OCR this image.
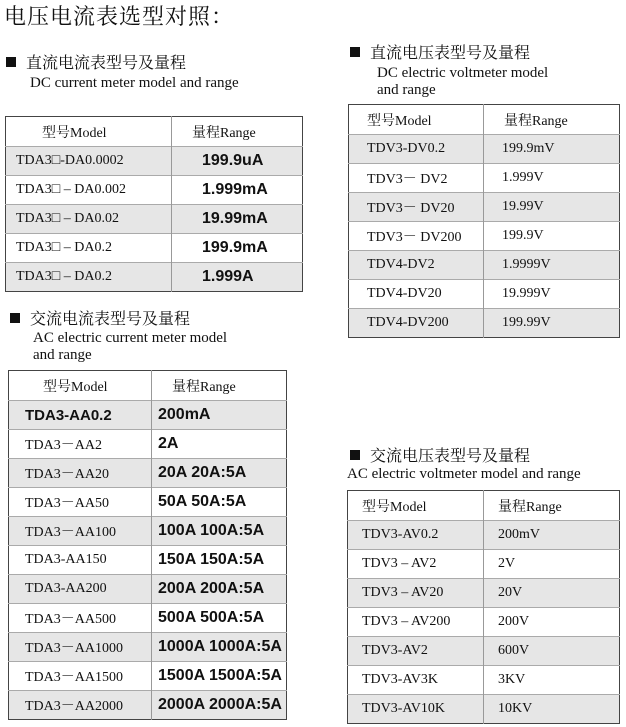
电压电流表选型对照：
直流电流表型号及量程
DC current meter model and range
型号Model	量程Range
TDA3□-DA0.0002	199.9uA
TDA3□ – DA0.002	1.999mA
TDA3□ – DA0.02	19.99mA
TDA3□ – DA0.2	199.9mA
TDA3□ – DA0.2	1.999A
交流电流表型号及量程
AC electric current meter model
and range
型号Model	量程Range
TDA3-AA0.2	200mA
TDA3－AA2	2A
TDA3－AA20	20A 20A:5A
TDA3－AA50	50A 50A:5A
TDA3－AA100	100A 100A:5A
TDA3-AA150	150A 150A:5A
TDA3-AA200	200A 200A:5A
TDA3－AA500	500A 500A:5A
TDA3－AA1000	1000A 1000A:5A
TDA3－AA1500	1500A 1500A:5A
TDA3－AA2000	2000A 2000A:5A
直流电压表型号及量程
DC electric voltmeter model
and range
型号Model	量程Range
TDV3-DV0.2	199.9mV
TDV3－ DV2	1.999V
TDV3－ DV20	19.99V
TDV3－ DV200	199.9V
TDV4-DV2	1.9999V
TDV4-DV20	19.999V
TDV4-DV200	199.99V
交流电压表型号及量程
AC electric voltmeter model and range
型号Model	量程Range
TDV3-AV0.2	200mV
TDV3 – AV2	2V
TDV3 – AV20	20V
TDV3 – AV200	200V
TDV3-AV2	600V
TDV3-AV3K	3KV
TDV3-AV10K	10KV
